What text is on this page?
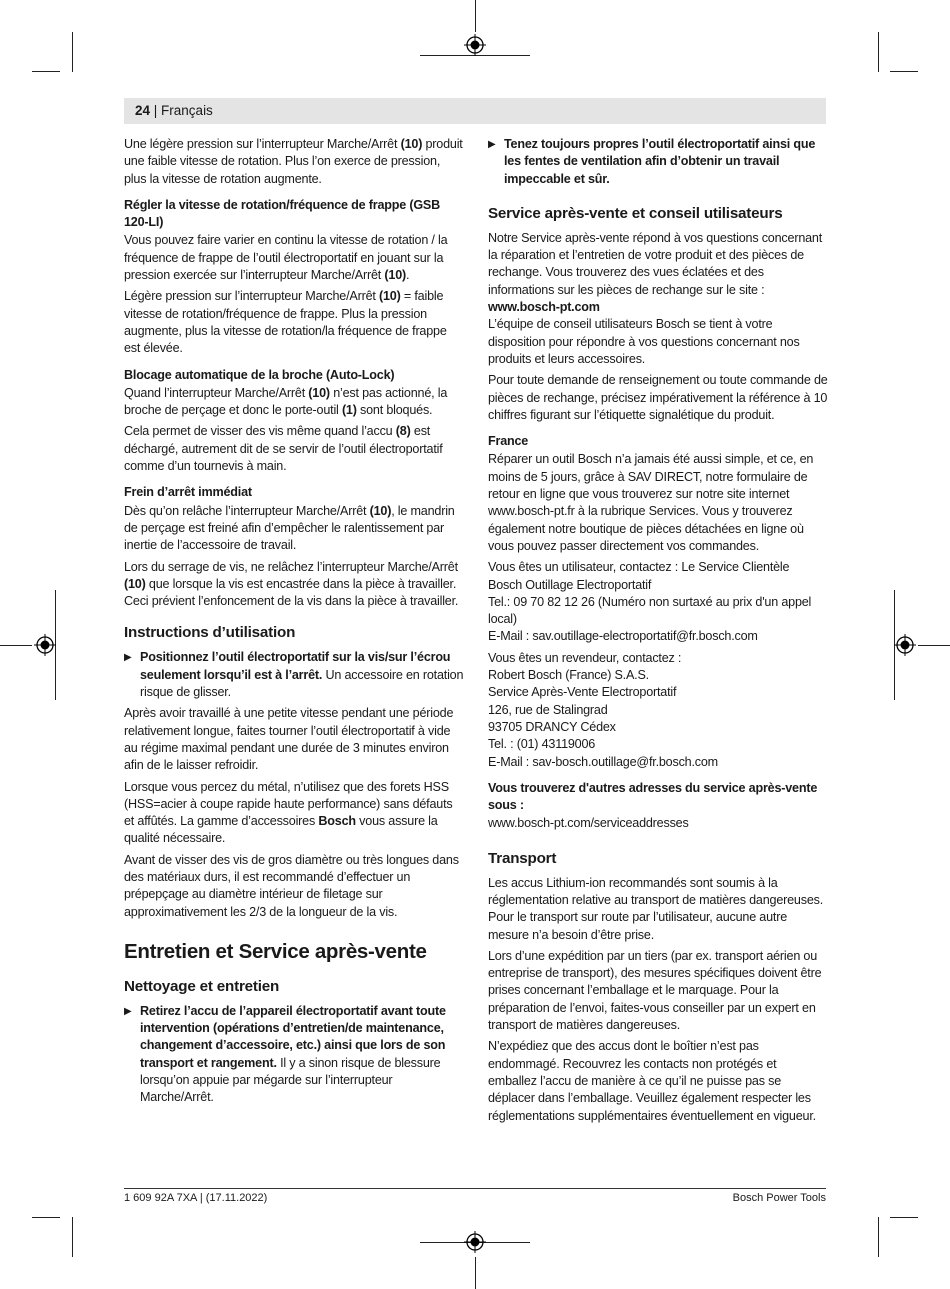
24 | Français

Une légère pression sur l’interrupteur Marche/Arrêt (10) produit une faible vitesse de rotation. Plus l’on exerce de pression, plus la vitesse de rotation augmente.

Régler la vitesse de rotation/fréquence de frappe (GSB 120-LI)

Vous pouvez faire varier en continu la vitesse de rotation / la fréquence de frappe de l’outil électroportatif en jouant sur la pression exercée sur l’interrupteur Marche/Arrêt (10).

Légère pression sur l’interrupteur Marche/Arrêt (10) = faible vitesse de rotation/fréquence de frappe. Plus la pression augmente, plus la vitesse de rotation/la fréquence de frappe est élevée.

Blocage automatique de la broche (Auto-Lock)

Quand l’interrupteur Marche/Arrêt (10) n’est pas actionné, la broche de perçage et donc le porte-outil (1) sont bloqués.

Cela permet de visser des vis même quand l’accu (8) est déchargé, autrement dit de se servir de l’outil électroportatif comme d’un tournevis à main.

Frein d’arrêt immédiat

Dès qu’on relâche l’interrupteur Marche/Arrêt (10), le mandrin de perçage est freiné afin d’empêcher le ralentissement par inertie de l’accessoire de travail.

Lors du serrage de vis, ne relâchez l’interrupteur Marche/Arrêt (10) que lorsque la vis est encastrée dans la pièce à travailler. Ceci prévient l’enfoncement de la vis dans la pièce à travailler.

Instructions d’utilisation
▶ Positionnez l’outil électroportatif sur la vis/sur l’écrou seulement lorsqu’il est à l’arrêt. Un accessoire en rotation risque de glisser.

Après avoir travaillé à une petite vitesse pendant une période relativement longue, faites tourner l’outil électroportatif à vide au régime maximal pendant une durée de 3 minutes environ afin de le laisser refroidir.

Lorsque vous percez du métal, n’utilisez que des forets HSS (HSS=acier à coupe rapide haute performance) sans défauts et affûtés. La gamme d’accessoires Bosch vous assure la qualité nécessaire.

Avant de visser des vis de gros diamètre ou très longues dans des matériaux durs, il est recommandé d’effectuer un prépерçage au diamètre intérieur de filetage sur approximativement les 2/3 de la longueur de la vis.

Entretien et Service après-vente
Nettoyage et entretien
▶ Retirez l’accu de l’appareil électroportatif avant toute intervention (opérations d’entretien/de maintenance, changement d’accessoire, etc.) ainsi que lors de son transport et rangement. Il y a sinon risque de blessure lorsqu’on appuie par mégarde sur l’interrupteur Marche/Arrêt.
▶ Tenez toujours propres l’outil électroportatif ainsi que les fentes de ventilation afin d’obtenir un travail impeccable et sûr.
Service après-vente et conseil utilisateurs

Notre Service après-vente répond à vos questions concernant la réparation et l’entretien de votre produit et des pièces de rechange. Vous trouverez des vues éclatées et des informations sur les pièces de rechange sur le site :
www.bosch-pt.com

L’équipe de conseil utilisateurs Bosch se tient à votre disposition pour répondre à vos questions concernant nos produits et leurs accessoires.

Pour toute demande de renseignement ou toute commande de pièces de rechange, précisez impérativement la référence à 10 chiffres figurant sur l’étiquette signalétique du produit.

France

Réparer un outil Bosch n’a jamais été aussi simple, et ce, en moins de 5 jours, grâce à SAV DIRECT, notre formulaire de retour en ligne que vous trouverez sur notre site internet www.bosch-pt.fr à la rubrique Services. Vous y trouverez également notre boutique de pièces détachées en ligne où vous pouvez passer directement vos commandes.

Vous êtes un utilisateur, contactez : Le Service Clientèle
Bosch Outillage Electroportatif
Tel.: 09 70 82 12 26 (Numéro non surtaxé au prix d'un appel local)
E-Mail : sav.outillage-electroportatif@fr.bosch.com

Vous êtes un revendeur, contactez :
Robert Bosch (France) S.A.S.
Service Après-Vente Electroportatif
126, rue de Stalingrad
93705 DRANCY Cédex
Tel. : (01) 43119006
E-Mail : sav-bosch.outillage@fr.bosch.com

Vous trouverez d'autres adresses du service après-vente sous :

www.bosch-pt.com/serviceaddresses

Transport

Les accus Lithium-ion recommandés sont soumis à la réglementation relative au transport de matières dangereuses. Pour le transport sur route par l’utilisateur, aucune autre mesure n’a besoin d’être prise.

Lors d’une expédition par un tiers (par ex. transport aérien ou entreprise de transport), des mesures spécifiques doivent être prises concernant l’emballage et le marquage. Pour la préparation de l’envoi, faites-vous conseiller par un expert en transport de matières dangereuses.

N’expédiez que des accus dont le boîtier n’est pas endommagé. Recouvrez les contacts non protégés et emballez l’accu de manière à ce qu’il ne puisse pas se déplacer dans l’emballage. Veuillez également respecter les réglementations supplémentaires éventuellement en vigueur.

1 609 92A 7XA | (17.11.2022)	Bosch Power Tools
